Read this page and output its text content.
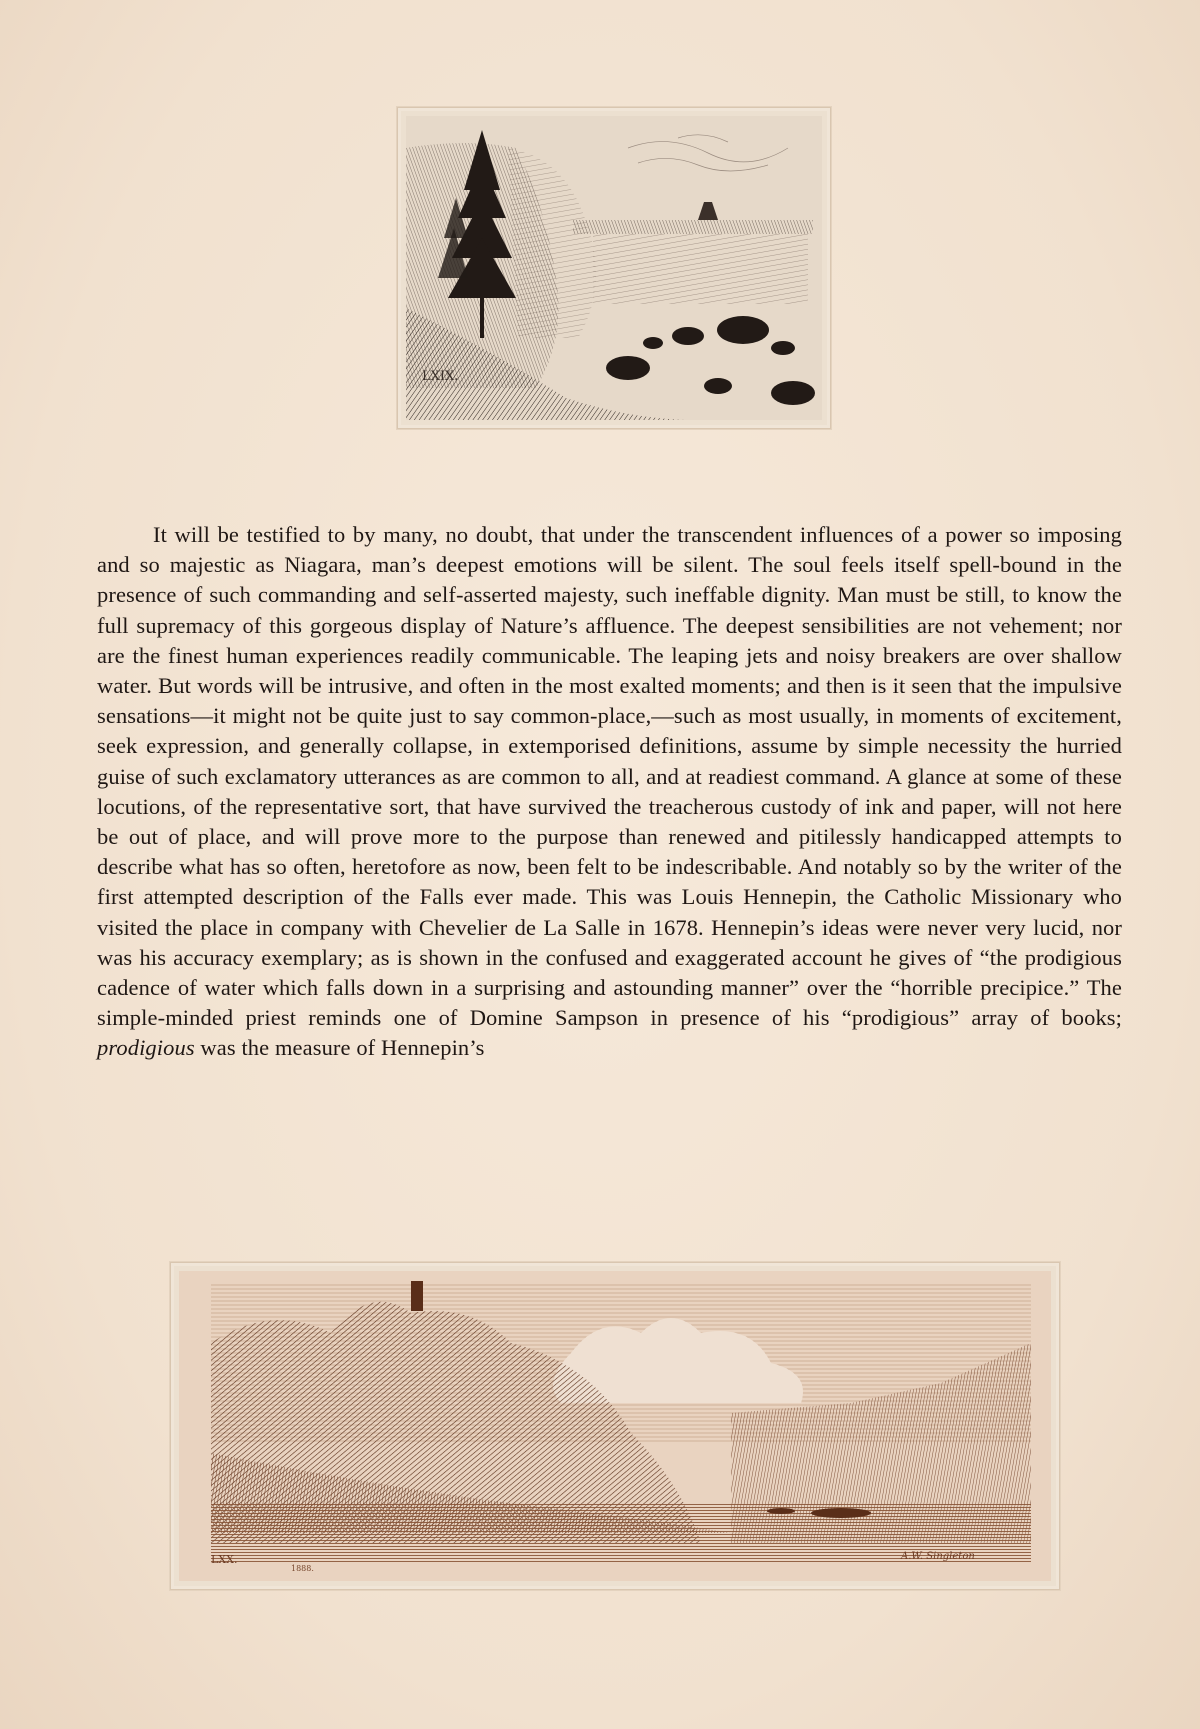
LXIX.

It will be testified to by many, no doubt, that under the transcendent influences of a power so imposing and so majestic as Niagara, man’s deepest emotions will be silent. The soul feels itself spell-bound in the presence of such commanding and self-asserted majesty, such ineffable dignity. Man must be still, to know the full supremacy of this gorgeous display of Nature’s affluence. The deepest sensibilities are not vehement; nor are the finest human experiences readily communicable. The leaping jets and noisy breakers are over shallow water. But words will be intrusive, and often in the most exalted moments; and then is it seen that the impulsive sensations—it might not be quite just to say common-place,—such as most usually, in moments of excitement, seek expression, and generally collapse, in extemporised definitions, assume by simple necessity the hurried guise of such exclamatory utterances as are common to all, and at readiest command. A glance at some of these locutions, of the representative sort, that have survived the treacherous custody of ink and paper, will not here be out of place, and will prove more to the purpose than renewed and pitilessly handicapped attempts to describe what has so often, heretofore as now, been felt to be indescribable. And notably so by the writer of the first attempted description of the Falls ever made. This was Louis Hennepin, the Catholic Missionary who visited the place in company with Chevelier de La Salle in 1678. Hennepin’s ideas were never very lucid, nor was his accuracy exemplary; as is shown in the confused and exaggerated account he gives of “the prodigious cadence of water which falls down in a surprising and astounding manner” over the “horrible precipice.” The simple-minded priest reminds one of Domine Sampson in presence of his “prodigious” array of books; prodigious was the measure of Hennepin’s

LXX.
1888.
A.W. Singleton
